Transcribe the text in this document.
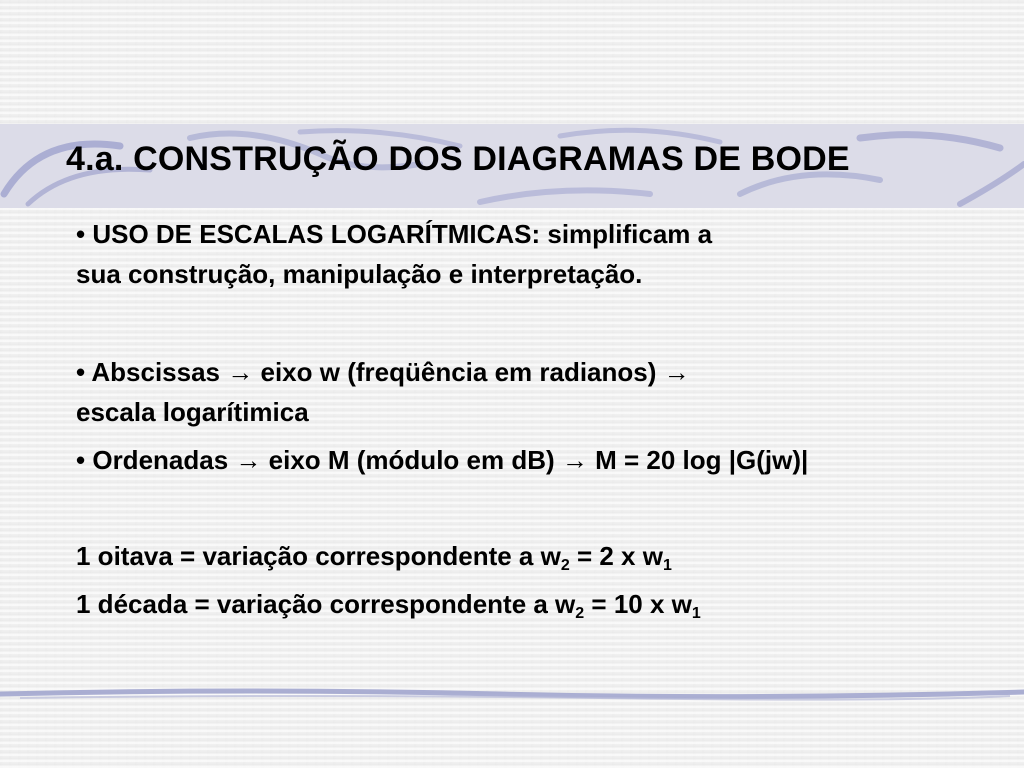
4.a. CONSTRUÇÃO DOS DIAGRAMAS DE BODE

• USO DE ESCALAS LOGARÍTMICAS: simplificam a
sua construção, manipulação e interpretação.

• Abscissas → eixo w (freqüência em radianos) →
escala logarítimica

• Ordenadas → eixo M (módulo em dB) → M = 20 log |G(jw)|

1 oitava = variação correspondente a $w_2 = 2$ x $w_1$

1 década = variação correspondente a $w_2 = 10$ x $w_1$
